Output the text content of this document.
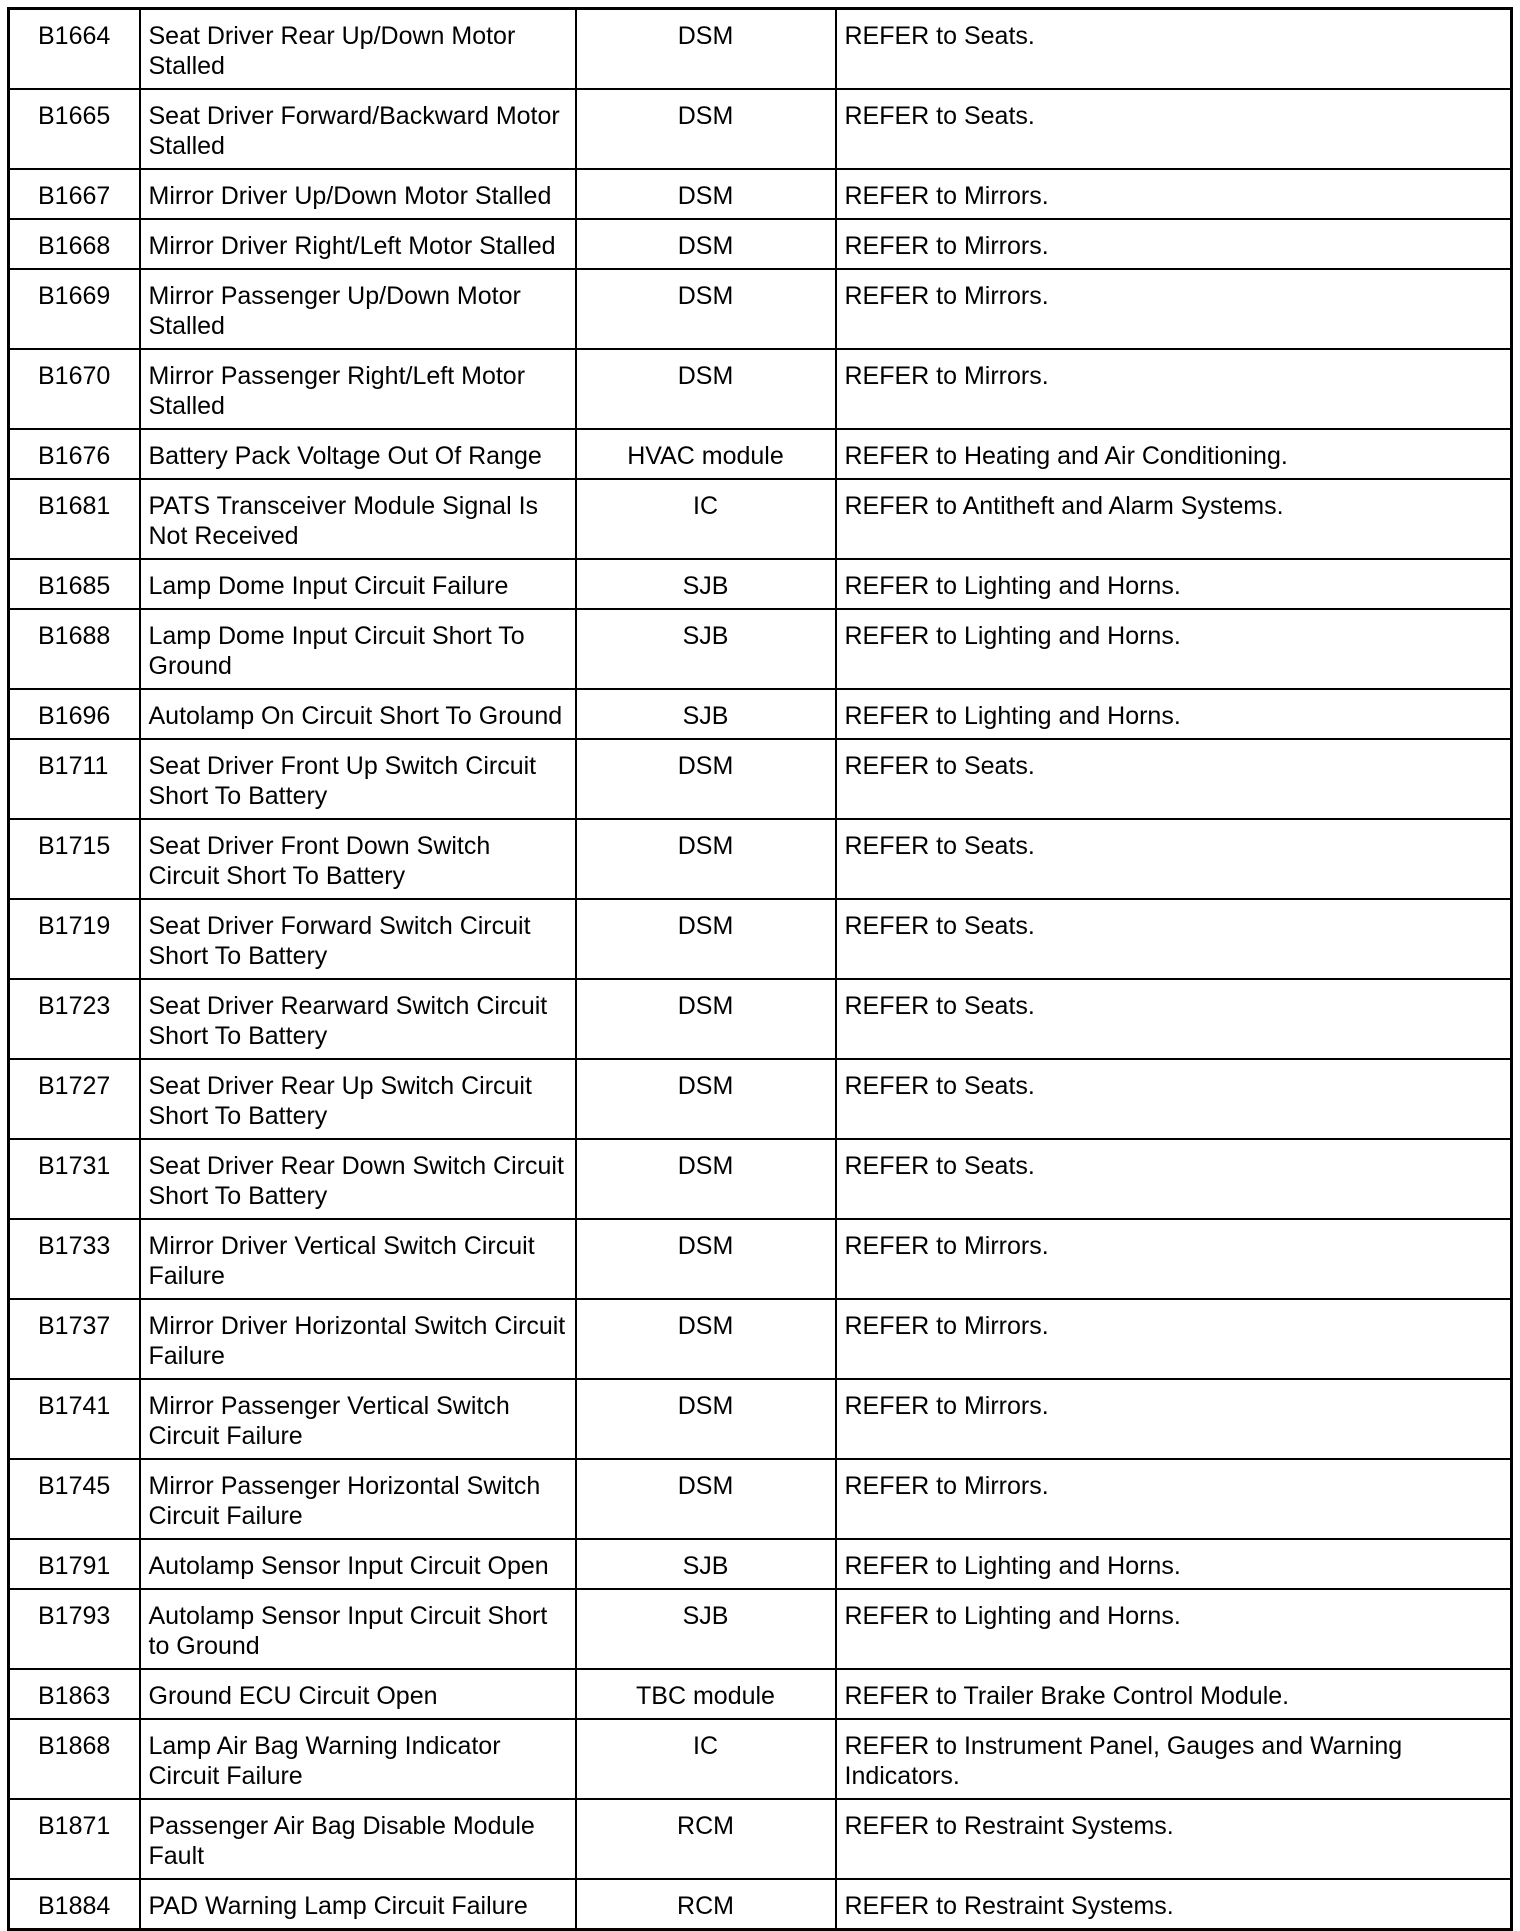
B1664	Seat Driver Rear Up/Down Motor Stalled	DSM	REFER to Seats.
B1665	Seat Driver Forward/Backward Motor Stalled	DSM	REFER to Seats.
B1667	Mirror Driver Up/Down Motor Stalled	DSM	REFER to Mirrors.
B1668	Mirror Driver Right/Left Motor Stalled	DSM	REFER to Mirrors.
B1669	Mirror Passenger Up/Down Motor Stalled	DSM	REFER to Mirrors.
B1670	Mirror Passenger Right/Left Motor Stalled	DSM	REFER to Mirrors.
B1676	Battery Pack Voltage Out Of Range	HVAC module	REFER to Heating and Air Conditioning.
B1681	PATS Transceiver Module Signal Is Not Received	IC	REFER to Antitheft and Alarm Systems.
B1685	Lamp Dome Input Circuit Failure	SJB	REFER to Lighting and Horns.
B1688	Lamp Dome Input Circuit Short To Ground	SJB	REFER to Lighting and Horns.
B1696	Autolamp On Circuit Short To Ground	SJB	REFER to Lighting and Horns.
B1711	Seat Driver Front Up Switch Circuit Short To Battery	DSM	REFER to Seats.
B1715	Seat Driver Front Down Switch Circuit Short To Battery	DSM	REFER to Seats.
B1719	Seat Driver Forward Switch Circuit Short To Battery	DSM	REFER to Seats.
B1723	Seat Driver Rearward Switch Circuit Short To Battery	DSM	REFER to Seats.
B1727	Seat Driver Rear Up Switch Circuit Short To Battery	DSM	REFER to Seats.
B1731	Seat Driver Rear Down Switch Circuit Short To Battery	DSM	REFER to Seats.
B1733	Mirror Driver Vertical Switch Circuit Failure	DSM	REFER to Mirrors.
B1737	Mirror Driver Horizontal Switch Circuit Failure	DSM	REFER to Mirrors.
B1741	Mirror Passenger Vertical Switch Circuit Failure	DSM	REFER to Mirrors.
B1745	Mirror Passenger Horizontal Switch Circuit Failure	DSM	REFER to Mirrors.
B1791	Autolamp Sensor Input Circuit Open	SJB	REFER to Lighting and Horns.
B1793	Autolamp Sensor Input Circuit Short to Ground	SJB	REFER to Lighting and Horns.
B1863	Ground ECU Circuit Open	TBC module	REFER to Trailer Brake Control Module.
B1868	Lamp Air Bag Warning Indicator Circuit Failure	IC	REFER to Instrument Panel, Gauges and Warning Indicators.
B1871	Passenger Air Bag Disable Module Fault	RCM	REFER to Restraint Systems.
B1884	PAD Warning Lamp Circuit Failure	RCM	REFER to Restraint Systems.
